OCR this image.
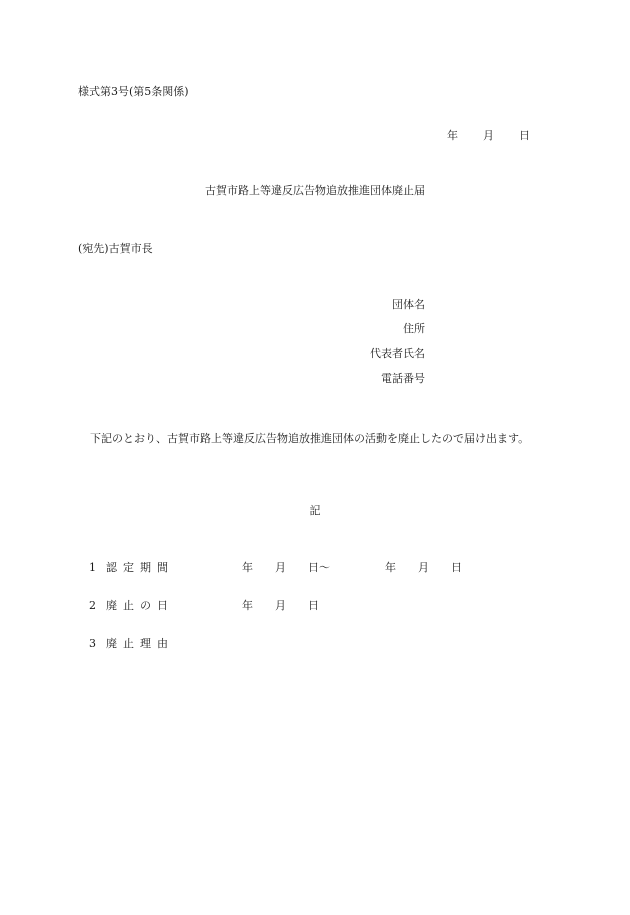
様式第3号(第5条関係)
年 月 日
古賀市路上等違反広告物追放推進団体廃止届
(宛先)古賀市長
団体名
住所
代表者氏名
電話番号
下記のとおり、古賀市路上等違反広告物追放推進団体の活動を廃止したので届け出ます。
記
1 認定期間	年　　月　　日〜	年　　月　　日
2 廃止の日	年　　月　　日
3 廃止理由
